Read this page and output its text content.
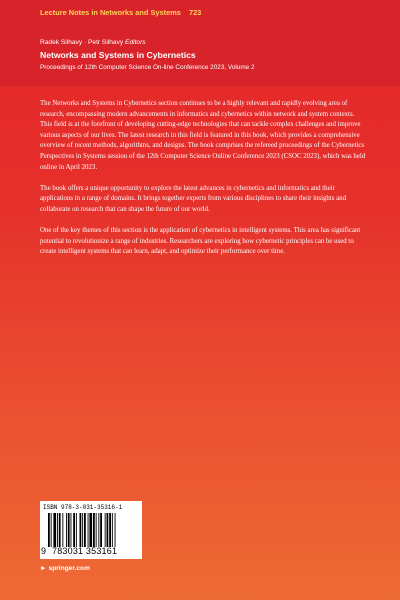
Lecture Notes in Networks and Systems 723
Radek Silhavy · Petr Silhavy Editors
Networks and Systems in Cybernetics
Proceedings of 12th Computer Science On-line Conference 2023, Volume 2

The Networks and Systems in Cybernetics section continues to be a highly relevant and rapidly evolving area of research, encompassing modern advancements in informatics and cybernetics within network and system contexts. This field is at the forefront of developing cutting-edge technologies that can tackle complex challenges and improve various aspects of our lives. The latest research in this field is featured in this book, which provides a comprehensive overview of recent methods, algorithms, and designs. The book comprises the refereed proceedings of the Cybernetics Perspectives in Systems session of the 12th Computer Science Online Conference 2023 (CSOC 2023), which was held online in April 2023.

The book offers a unique opportunity to explore the latest advances in cybernetics and informatics and their applications in a range of domains. It brings together experts from various disciplines to share their insights and collaborate on research that can shape the future of our world.

One of the key themes of this section is the application of cybernetics in intelligent systems. This area has significant potential to revolutionize a range of industries. Researchers are exploring how cybernetic principles can be used to create intelligent systems that can learn, adapt, and optimize their performance over time.

ISBN 978-3-031-35316-1
9 783031 353161
► springer.com
